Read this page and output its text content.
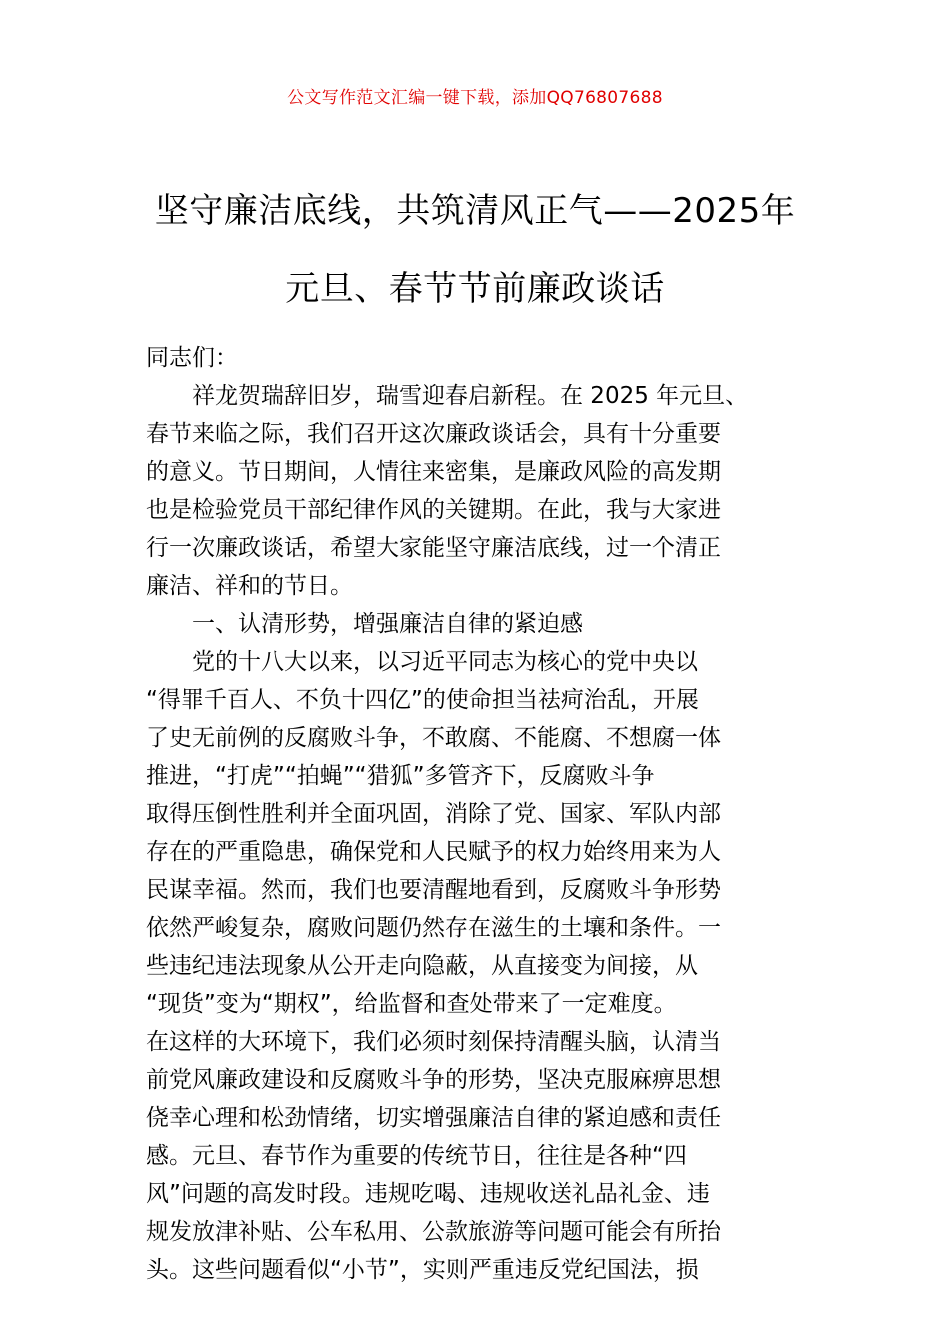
公文写作范文汇编一键下载，添加QQ76807688
坚守廉洁底线，共筑清风正气——2025年
元旦、春节节前廉政谈话
同志们：

祥龙贺瑞辞旧岁，瑞雪迎春启新程。在 2025 年元旦、
春节来临之际，我们召开这次廉政谈话会，具有十分重要
的意义。节日期间，人情往来密集，是廉政风险的高发期
也是检验党员干部纪律作风的关键期。在此，我与大家进
行一次廉政谈话，希望大家能坚守廉洁底线，过一个清正
廉洁、祥和的节日。

一、认清形势，增强廉洁自律的紧迫感

党的十八大以来，以习近平同志为核心的党中央以
“得罪千百人、不负十四亿”的使命担当祛疴治乱，开展
了史无前例的反腐败斗争，不敢腐、不能腐、不想腐一体
推进，“打虎”“拍蝇”“猎狐”多管齐下，反腐败斗争
取得压倒性胜利并全面巩固，消除了党、国家、军队内部
存在的严重隐患，确保党和人民赋予的权力始终用来为人
民谋幸福。然而，我们也要清醒地看到，反腐败斗争形势
依然严峻复杂，腐败问题仍然存在滋生的土壤和条件。一
些违纪违法现象从公开走向隐蔽，从直接变为间接，从
“现货”变为“期权”，给监督和查处带来了一定难度。
在这样的大环境下，我们必须时刻保持清醒头脑，认清当
前党风廉政建设和反腐败斗争的形势，坚决克服麻痹思想
侥幸心理和松劲情绪，切实增强廉洁自律的紧迫感和责任
感。元旦、春节作为重要的传统节日，往往是各种“四
风”问题的高发时段。违规吃喝、违规收送礼品礼金、违
规发放津补贴、公车私用、公款旅游等问题可能会有所抬
头。这些问题看似“小节”，实则严重违反党纪国法，损
